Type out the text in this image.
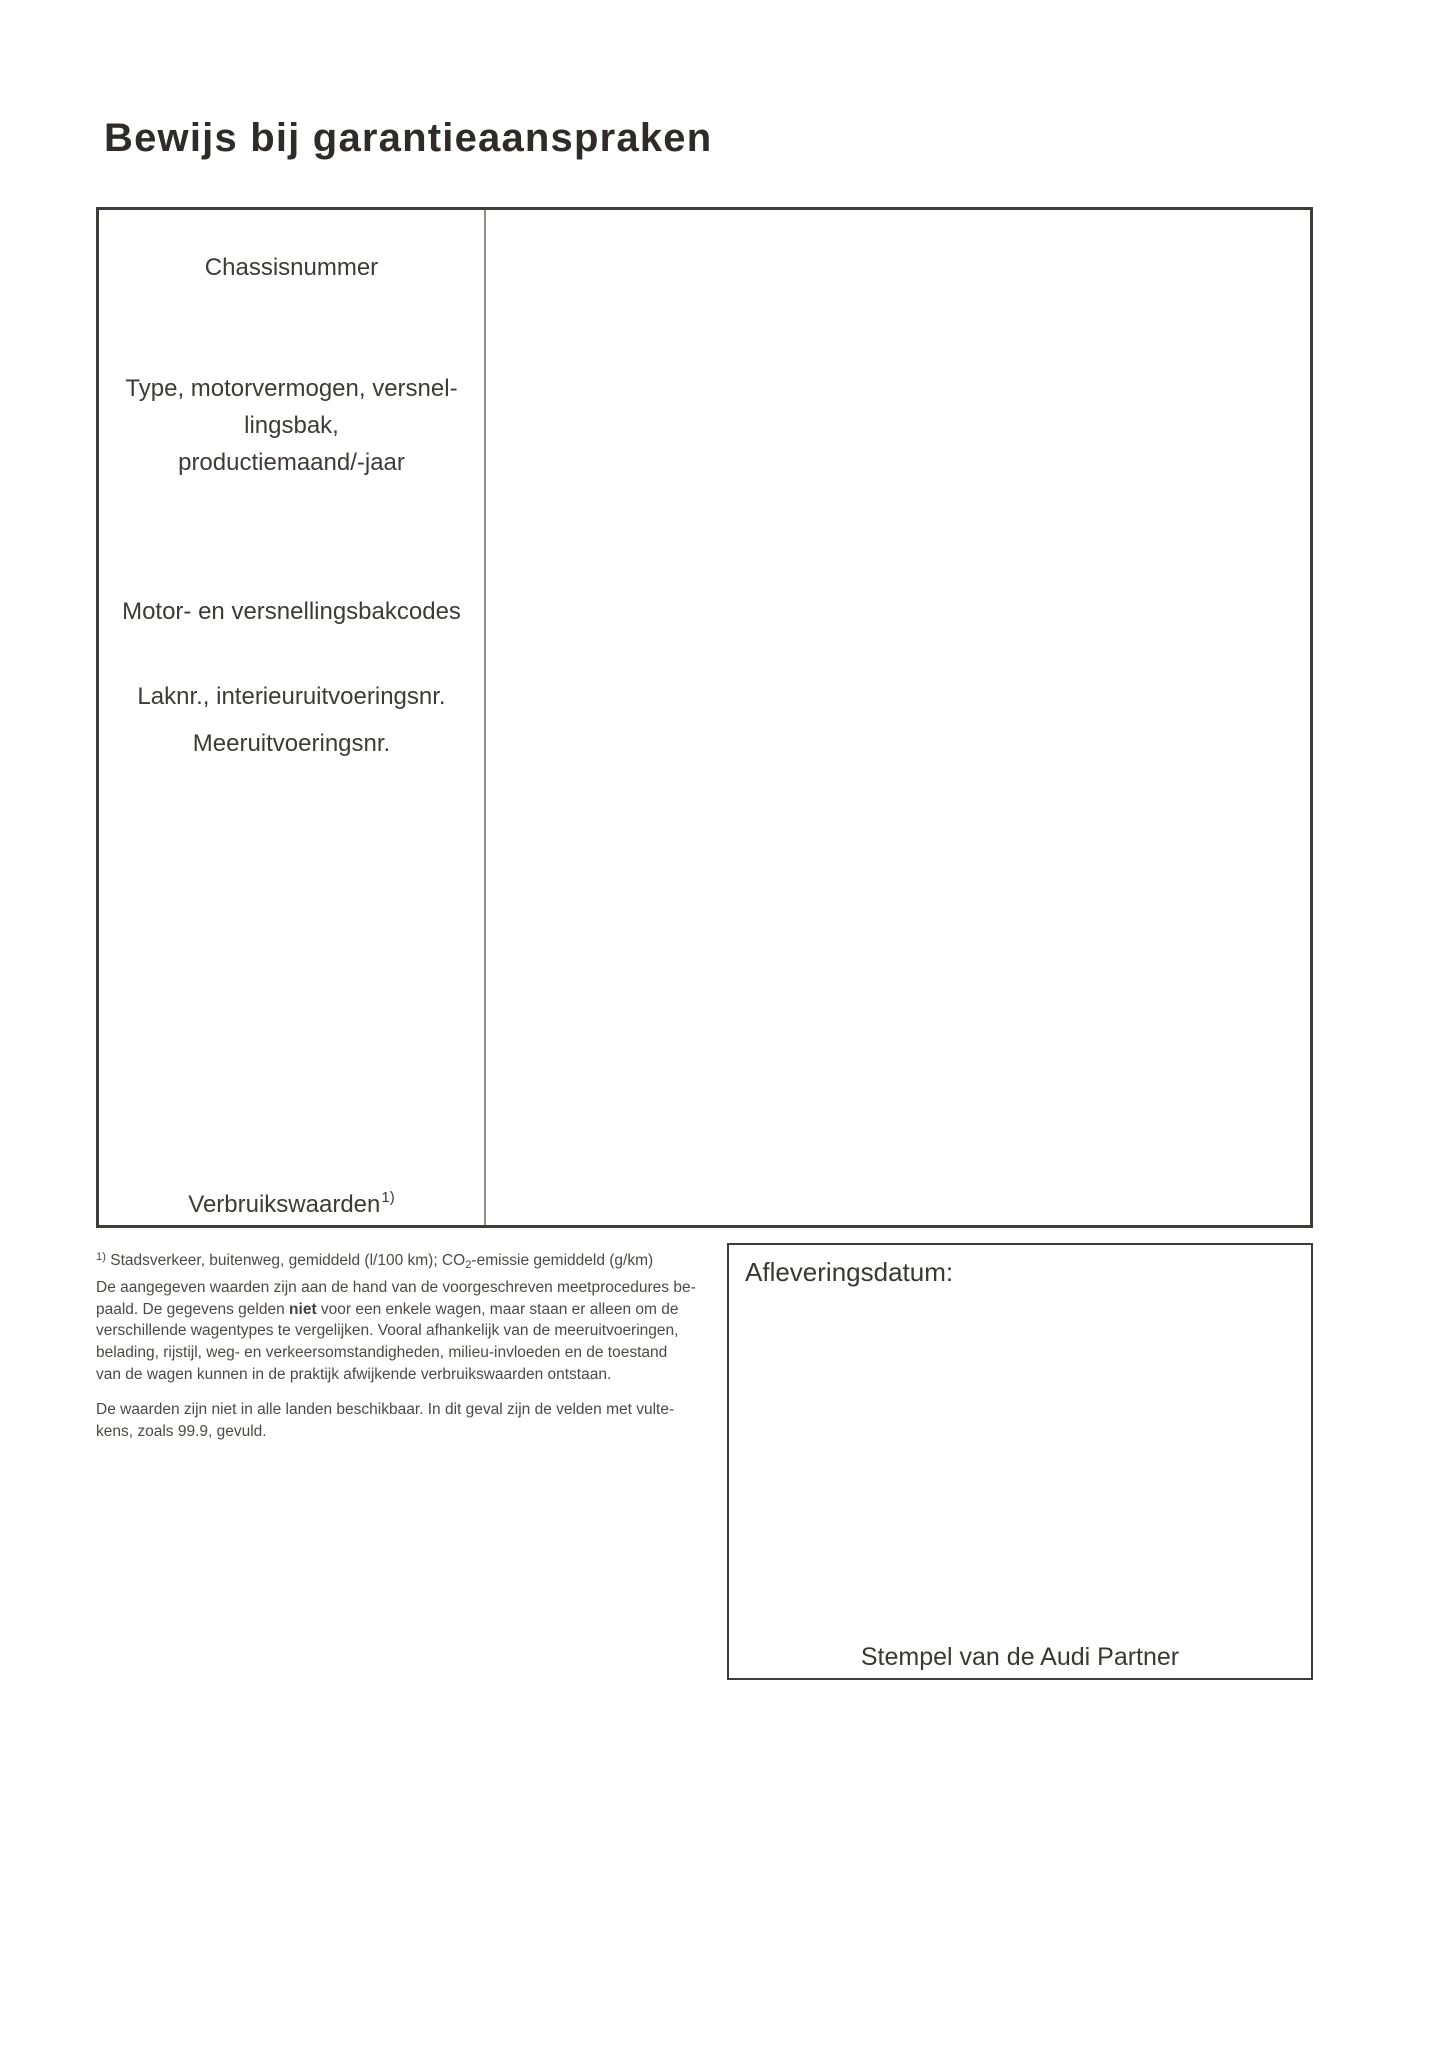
Bewijs bij garantieaanspraken
Chassisnummer
Type, motorvermogen, versnel-
lingsbak,
productiemaand/-jaar
Motor- en versnellingsbakcodes
Laknr., interieuruitvoeringsnr.
Meeruitvoeringsnr.
Verbruikswaarden$^{1)}$
$^{1)}$ Stadsverkeer, buitenweg, gemiddeld (l/100 km); CO2-emissie gemiddeld (g/km)
De aangegeven waarden zijn aan de hand van de voorgeschreven meetprocedures be-
paald. De gegevens gelden niet voor een enkele wagen, maar staan er alleen om de
verschillende wagentypes te vergelijken. Vooral afhankelijk van de meeruitvoeringen,
belading, rijstijl, weg- en verkeersomstandigheden, milieu-invloeden en de toestand
van de wagen kunnen in de praktijk afwijkende verbruikswaarden ontstaan.
De waarden zijn niet in alle landen beschikbaar. In dit geval zijn de velden met vulte-
kens, zoals 99.9, gevuld.
Afleveringsdatum:
Stempel van de Audi Partner
